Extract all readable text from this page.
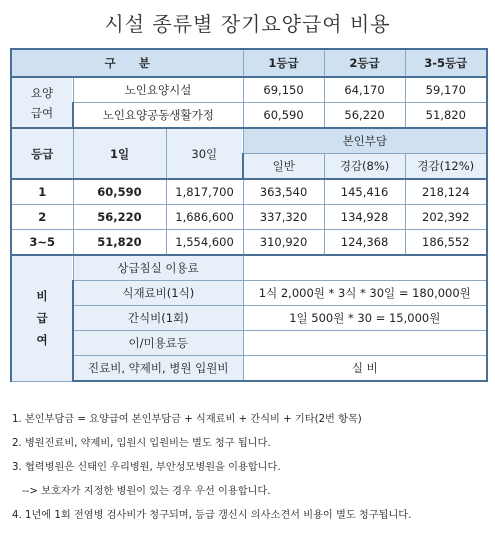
시설 종류별 장기요양급여 비용
구　　분			1등급	2등급	3-5등급
요양
급여	노인요양시설		69,150	64,170	59,170
	노인요양공동생활가정		60,590	56,220	51,820
등급	1일	30일	본인부담		
			일반	경감(8%)	경감(12%)
1	60,590	1,817,700	363,540	145,416	218,124
2	56,220	1,686,600	337,320	134,928	202,392
3~5	51,820	1,554,600	310,920	124,368	186,552
비
급
여	상급침실 이용료				
	식재료비(1식)		1식 2,000원 * 3식 * 30일 = 180,000원		
	간식비(1회)		1일 500원 * 30 = 15,000원		
	이/미용료등				
	진료비, 약제비, 병원 입원비		실 비		
1. 본인부담금 = 요양급여 본인부담금 + 식재료비 + 간식비 + 기타(2번 항목)
2. 병원진료비, 약제비, 입원시 입원비는 별도 청구 됩니다.
3. 협력병원은 신태인 우리병원, 부안성모병원을 이용합니다.
--> 보호자가 지정한 병원이 있는 경우 우선 이용합니다.
4. 1년에 1회 전염병 검사비가 청구되며, 등급 갱신시 의사소견서 비용이 별도 청구됩니다.
